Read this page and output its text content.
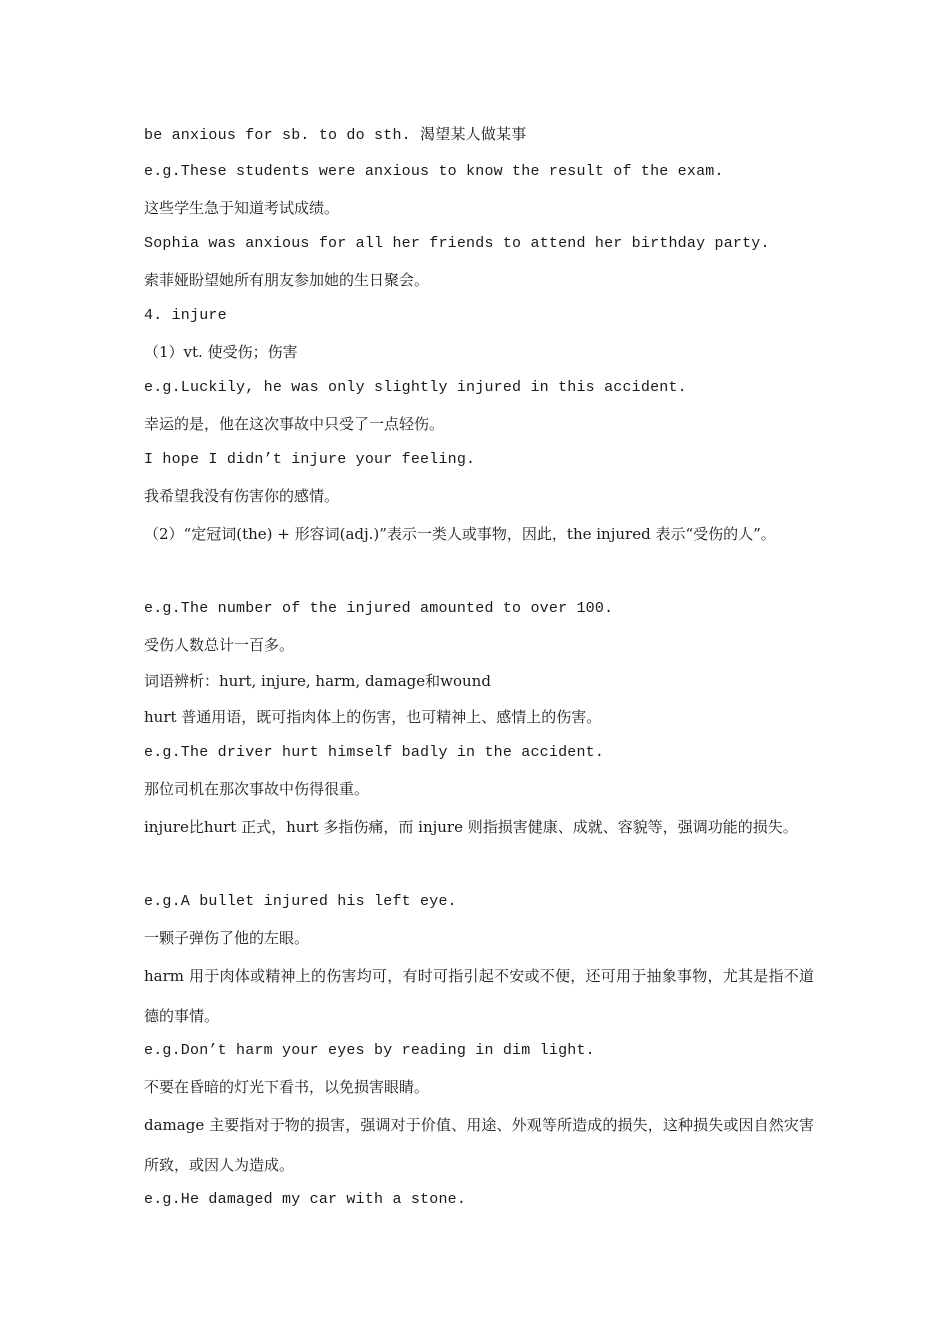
be anxious for sb. to do sth. 渴望某人做某事
e.g.These students were anxious to know the result of the exam.
这些学生急于知道考试成绩。
Sophia was anxious for all her friends to attend her birthday party.
索菲娅盼望她所有朋友参加她的生日聚会。
4. injure
（1）vt. 使受伤；伤害
e.g.Luckily, he was only slightly injured in this accident.
幸运的是，他在这次事故中只受了一点轻伤。
I hope I didn’t injure your feeling.
我希望我没有伤害你的感情。
（2）“定冠词(the) + 形容词(adj.)”表示一类人或事物，因此，the injured 表示“受伤的人”。
e.g.The number of the injured amounted to over 100.
受伤人数总计一百多。
词语辨析：hurt, injure, harm, damage和wound
hurt 普通用语，既可指肉体上的伤害，也可精神上、感情上的伤害。
e.g.The driver hurt himself badly in the accident.
那位司机在那次事故中伤得很重。
injure比hurt 正式，hurt 多指伤痛，而 injure 则指损害健康、成就、容貌等，强调功能的损失。
e.g.A bullet injured his left eye.
一颗子弹伤了他的左眼。
harm 用于肉体或精神上的伤害均可，有时可指引起不安或不便，还可用于抽象事物，尤其是指不道德的事情。
e.g.Don’t harm your eyes by reading in dim light.
不要在昏暗的灯光下看书，以免损害眼睛。
damage 主要指对于物的损害，强调对于价值、用途、外观等所造成的损失，这种损失或因自然灾害所致，或因人为造成。
e.g.He damaged my car with a stone.
